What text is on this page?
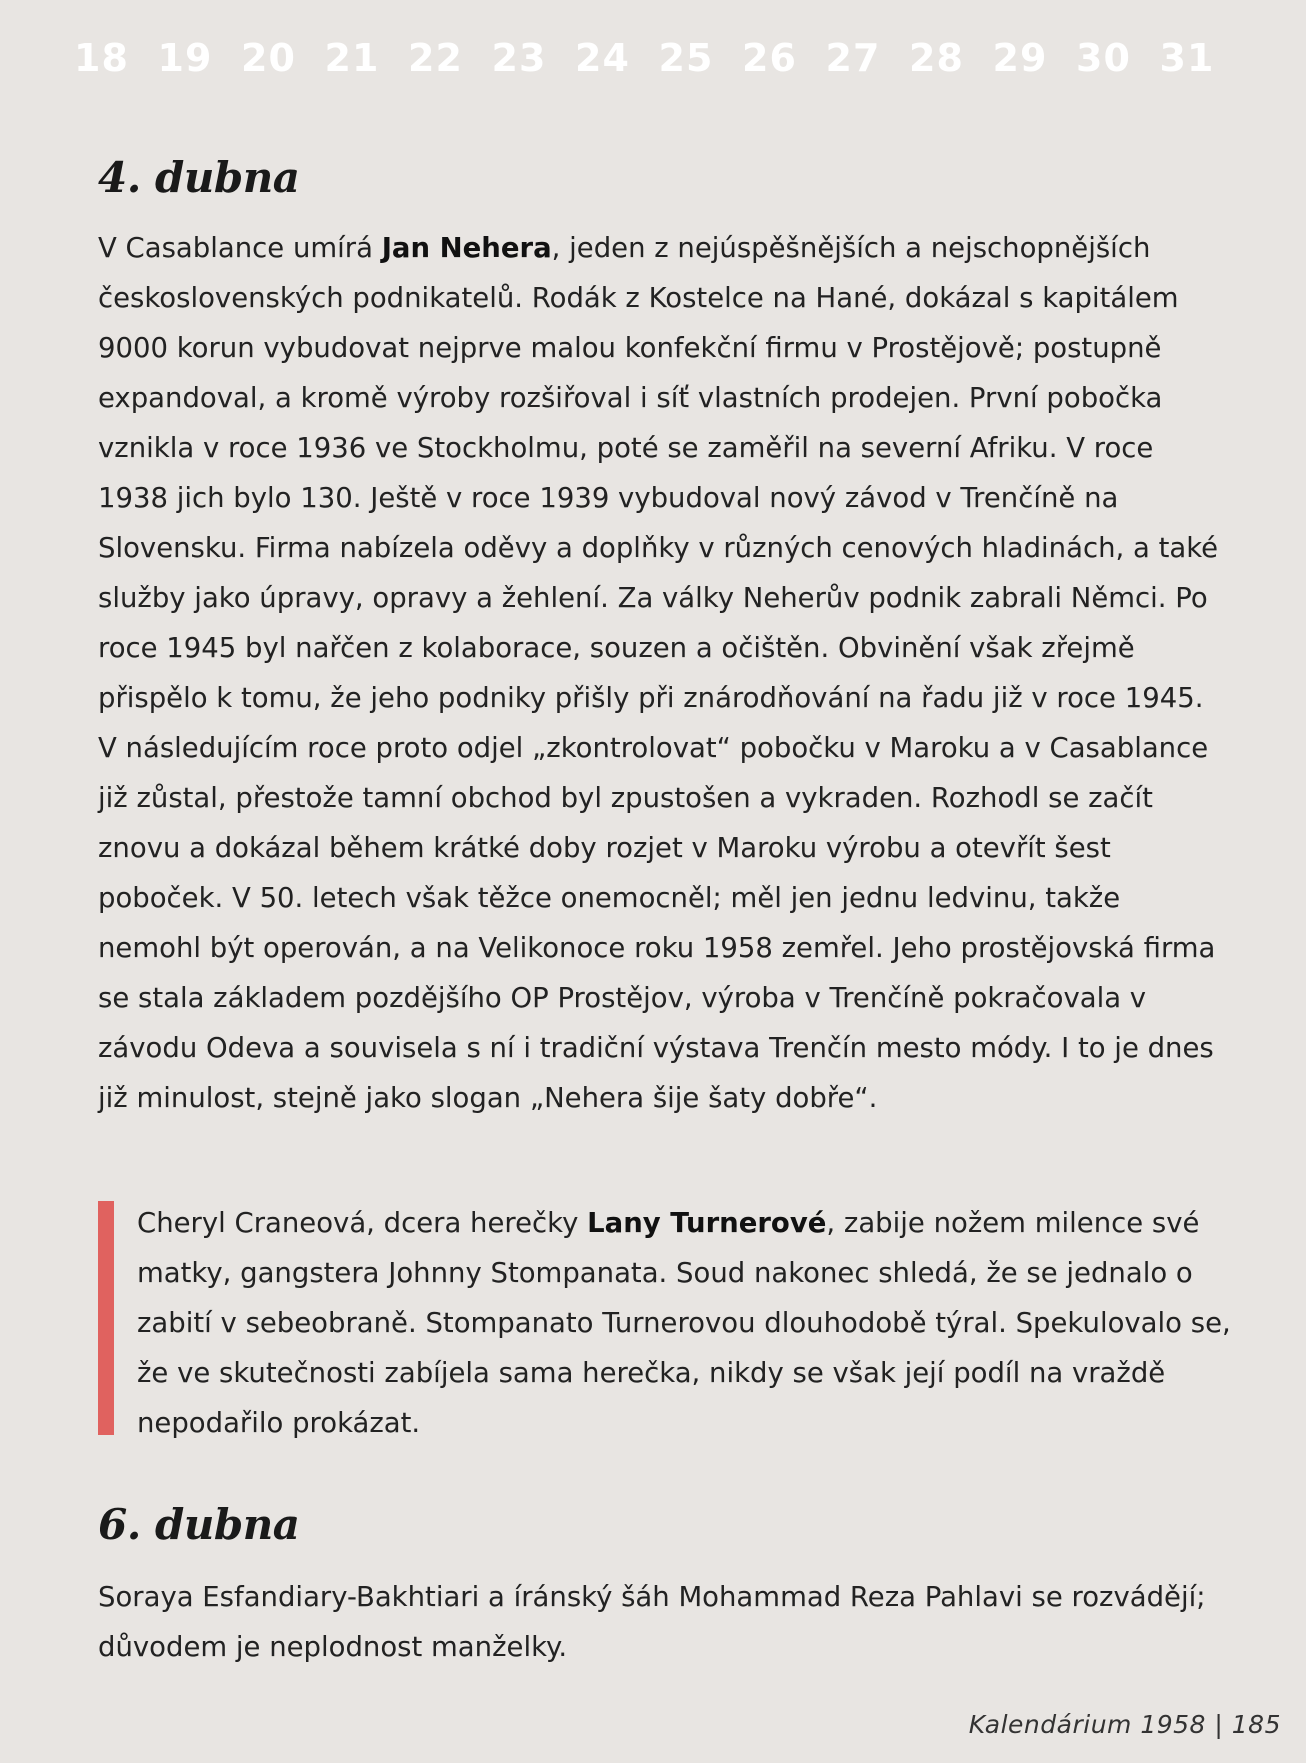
18 19 20 21 22 23 24 25 26 27 28 29 30 31
4. dubna

V Casablance umírá Jan Nehera, jeden z nejúspěšnějších a nejschopnějších československých podnikatelů. Rodák z Kostelce na Hané, dokázal s kapitálem 9000 korun vybudovat nejprve malou konfekční firmu v Prostějově; postupně expandoval, a kromě výroby rozšiřoval i síť vlastních prodejen. První pobočka vznikla v roce 1936 ve Stockholmu, poté se zaměřil na severní Afriku. V roce 1938 jich bylo 130. Ještě v roce 1939 vybudoval nový závod v Trenčíně na Slovensku. Firma nabízela oděvy a doplňky v různých cenových hladinách, a také služby jako úpravy, opravy a žehlení. Za války Neherův podnik zabrali Němci. Po roce 1945 byl nařčen z kolaborace, souzen a očištěn. Obvinění však zřejmě přispělo k tomu, že jeho podniky přišly při znárodňování na řadu již v roce 1945. V následujícím roce proto odjel „zkontrolovat“ pobočku v Maroku a v Casablance již zůstal, přestože tamní obchod byl zpustošen a vykraden. Rozhodl se začít znovu a dokázal během krátké doby rozjet v Maroku výrobu a otevřít šest poboček. V 50. letech však těžce onemocněl; měl jen jednu ledvinu, takže nemohl být operován, a na Velikonoce roku 1958 zemřel. Jeho prostějovská firma se stala základem pozdějšího OP Prostějov, výroba v Trenčíně pokračovala v závodu Odeva a souvisela s ní i tradiční výstava Trenčín mesto módy. I to je dnes již minulost, stejně jako slogan „Nehera šije šaty dobře“.

Cheryl Craneová, dcera herečky Lany Turnerové, zabije nožem milence své matky, gangstera Johnny Stompanata. Soud nakonec shledá, že se jednalo o zabití v sebeobraně. Stompanato Turnerovou dlouhodobě týral. Spekulovalo se, že ve skutečnosti zabíjela sama herečka, nikdy se však její podíl na vraždě nepodařilo prokázat.

6. dubna

Soraya Esfandiary-Bakhtiari a íránský šáh Mohammad Reza Pahlavi se rozvádějí; důvodem je neplodnost manželky.

Kalendárium 1958 | 185
